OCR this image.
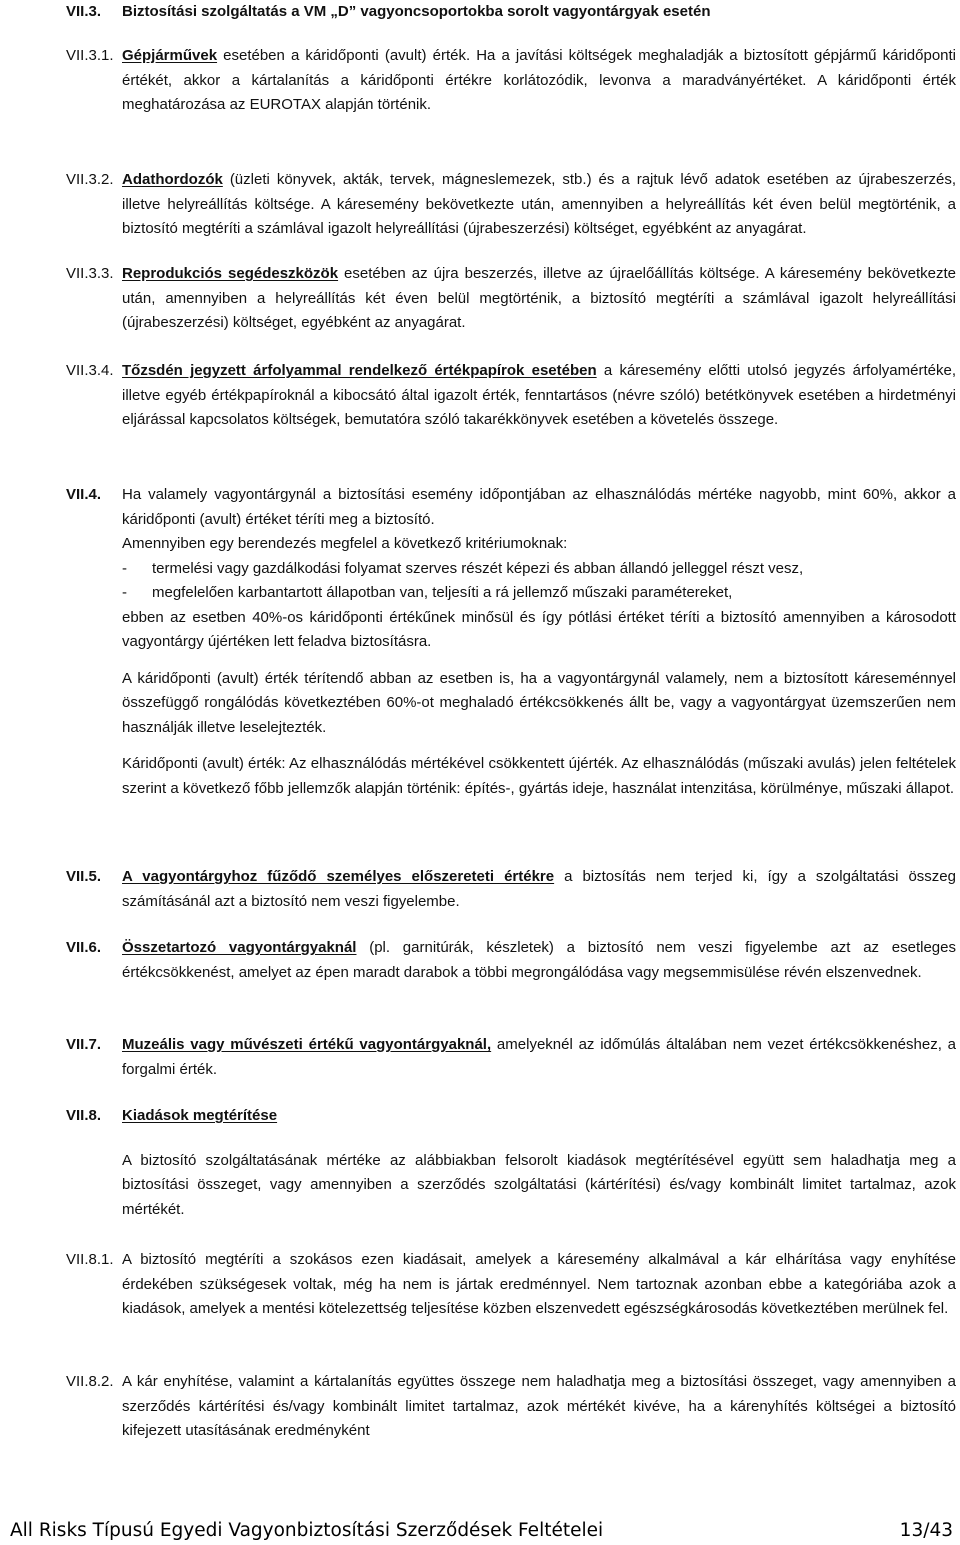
VII.3. Biztosítási szolgáltatás a VM „D” vagyoncsoportokba sorolt vagyontárgyak esetén
VII.3.1. Gépjárművek esetében a káridőponti (avult) érték. Ha a javítási költségek meghaladják a biztosított gépjármű káridőponti értékét, akkor a kártalanítás a káridőponti értékre korlátozódik, levonva a maradványértéket. A káridőponti érték meghatározása az EUROTAX alapján történik.
VII.3.2. Adathordozók (üzleti könyvek, akták, tervek, mágneslemezek, stb.) és a rajtuk lévő adatok esetében az újrabeszerzés, illetve helyreállítás költsége. A káresemény bekövetkezte után, amennyiben a helyreállítás két éven belül megtörténik, a biztosító megtéríti a számlával igazolt helyreállítási (újrabeszerzési) költséget, egyébként az anyagárat.
VII.3.3. Reprodukciós segédeszközök esetében az újra beszerzés, illetve az újraelőállítás költsége. A káresemény bekövetkezte után, amennyiben a helyreállítás két éven belül megtörténik, a biztosító megtéríti a számlával igazolt helyreállítási (újrabeszerzési) költséget, egyébként az anyagárat.
VII.3.4. Tőzsdén jegyzett árfolyammal rendelkező értékpapírok esetében a káresemény előtti utolsó jegyzés árfolyamértéke, illetve egyéb értékpapíroknál a kibocsátó által igazolt érték, fenntartásos (névre szóló) betétkönyvek esetében a hirdetményi eljárással kapcsolatos költségek, bemutatóra szóló takarékkönyvek esetében a követelés összege.
VII.4. Ha valamely vagyontárgynál a biztosítási esemény időpontjában az elhasználódás mértéke nagyobb, mint 60%, akkor a káridőponti (avult) értéket téríti meg a biztosító.
Amennyiben egy berendezés megfelel a következő kritériumoknak:
- termelési vagy gazdálkodási folyamat szerves részét képezi és abban állandó jelleggel részt vesz,
- megfelelően karbantartott állapotban van, teljesíti a rá jellemző műszaki paramétereket,
ebben az esetben 40%-os káridőponti értékűnek minősül és így pótlási értéket téríti a biztosító amennyiben a károsodott vagyontárgy újértéken lett feladva biztosításra.
A káridőponti (avult) érték térítendő abban az esetben is, ha a vagyontárgynál valamely, nem a biztosított káreseménnyel összefüggő rongálódás következtében 60%-ot meghaladó értékcsökkenés állt be, vagy a vagyontárgyat üzemszerűen nem használják illetve leselejtezték.
Káridőponti (avult) érték: Az elhasználódás mértékével csökkentett újérték. Az elhasználódás (műszaki avulás) jelen feltételek szerint a következő főbb jellemzők alapján történik: építés-, gyártás ideje, használat intenzitása, körülménye, műszaki állapot.
VII.5. A vagyontárgyhoz fűződő személyes előszereteti értékre a biztosítás nem terjed ki, így a szolgáltatási összeg számításánál azt a biztosító nem veszi figyelembe.
VII.6. Összetartozó vagyontárgyaknál (pl. garnitúrák, készletek) a biztosító nem veszi figyelembe azt az esetleges értékcsökkenést, amelyet az épen maradt darabok a többi megrongálódása vagy megsemmisülése révén elszenvednek.
VII.7. Muzeális vagy művészeti értékű vagyontárgyaknál, amelyeknél az időmúlás általában nem vezet értékcsökkenéshez, a forgalmi érték.
VII.8. Kiadások megtérítése
A biztosító szolgáltatásának mértéke az alábbiakban felsorolt kiadások megtérítésével együtt sem haladhatja meg a biztosítási összeget, vagy amennyiben a szerződés szolgáltatási (kártérítési) és/vagy kombinált limitet tartalmaz, azok mértékét.
VII.8.1. A biztosító megtéríti a szokásos ezen kiadásait, amelyek a káresemény alkalmával a kár elhárítása vagy enyhítése érdekében szükségesek voltak, még ha nem is jártak eredménnyel. Nem tartoznak azonban ebbe a kategóriába azok a kiadások, amelyek a mentési kötelezettség teljesítése közben elszenvedett egészségkárosodás következtében merülnek fel.
VII.8.2. A kár enyhítése, valamint a kártalanítás együttes összege nem haladhatja meg a biztosítási összeget, vagy amennyiben a szerződés kártérítési és/vagy kombinált limitet tartalmaz, azok mértékét kivéve, ha a kárenyhítés költségei a biztosító kifejezett utasításának eredményként
All Risks Típusú Egyedi Vagyonbiztosítási Szerződések Feltételei	13/43
